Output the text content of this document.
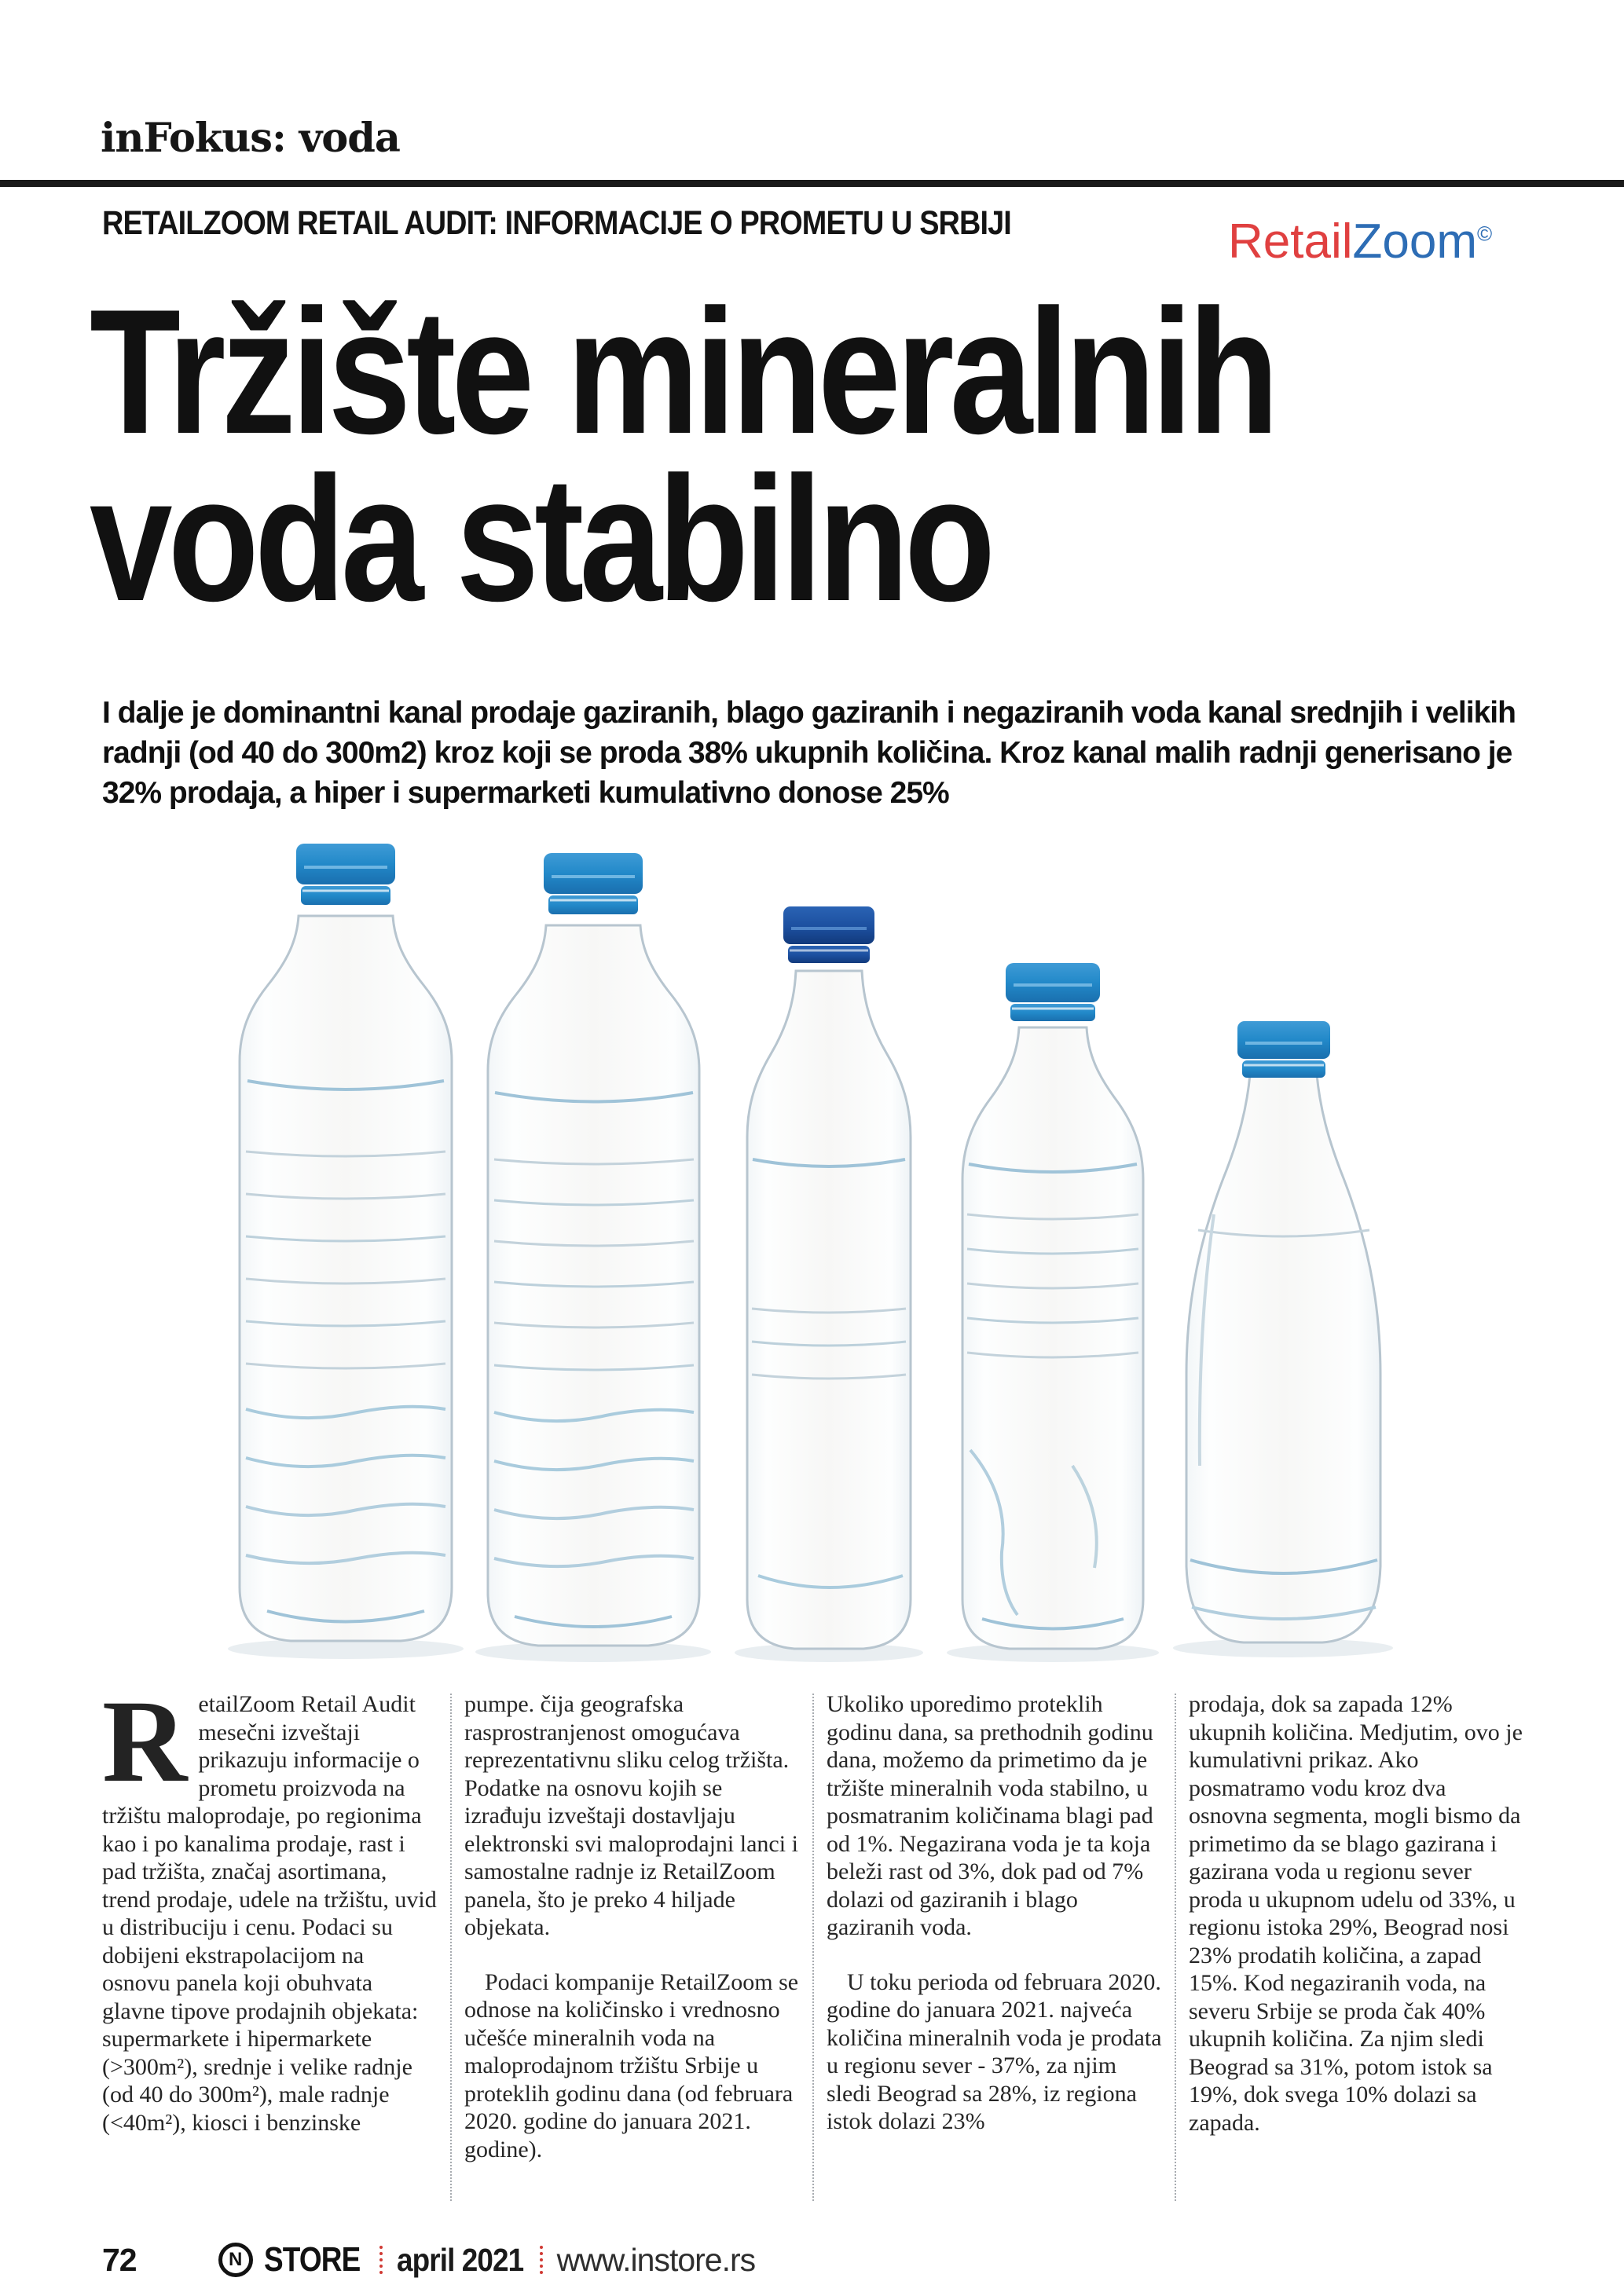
inFokus: voda
RETAILZOOM RETAIL AUDIT: INFORMACIJE O PROMETU U SRBIJI	RetailZoom©
Tržište mineralnih
voda stabilno
I dalje je dominantni kanal prodaje gaziranih, blago gaziranih i negaziranih voda kanal srednjih i velikih radnji (od 40 do 300m2) kroz koji se proda 38% ukupnih količina. Kroz kanal malih radnji generisano je 32% prodaja, a hiper i supermarketi kumulativno donose 25%

RetailZoom Retail Audit mesečni izveštaji prikazuju informacije o prometu proizvoda na tržištu maloprodaje, po regionima kao i po kanalima prodaje, rast i pad tržišta, značaj asortimana, trend prodaje, udele na tržištu, uvid u distribuciju i cenu. Podaci su dobijeni ekstrapolacijom na osnovu panela koji obuhvata glavne tipove prodajnih objekata: supermarkete i hipermarkete (>300m²), srednje i velike radnje (od 40 do 300m²), male radnje (<40m²), kiosci i benzinske

pumpe. čija geografska rasprostranjenost omogućava reprezentativnu sliku celog tržišta. Podatke na osnovu kojih se izrađuju izveštaji dostavljaju elektronski svi maloprodajni lanci i samostalne radnje iz RetailZoom panela, što je preko 4 hiljade objekata.

Podaci kompanije RetailZoom se odnose na količinsko i vrednosno učešće mineralnih voda na maloprodajnom tržištu Srbije u proteklih godinu dana (od februara 2020. godine do januara 2021. godine).

Ukoliko uporedimo proteklih godinu dana, sa prethodnih godinu dana, možemo da primetimo da je tržište mineralnih voda stabilno, u posmatranim količinama blagi pad od 1%. Negazirana voda je ta koja beleži rast od 3%, dok pad od 7% dolazi od gaziranih i blago gaziranih voda.

U toku perioda od februara 2020. godine do januara 2021. najveća količina mineralnih voda je prodata u regionu sever - 37%, za njim sledi Beograd sa 28%, iz regiona istok dolazi 23%

prodaja, dok sa zapada 12% ukupnih količina. Medjutim, ovo je kumulativni prikaz. Ako posmatramo vodu kroz dva osnovna segmenta, mogli bismo da primetimo da se blago gazirana i gazirana voda u regionu sever proda u ukupnom udelu od 33%, u regionu istoka 29%, Beograd nosi 23% prodatih količina, a zapad 15%. Kod negaziranih voda, na severu Srbije se proda čak 40% ukupnih količina. Za njim sledi Beograd sa 31%, potom istok sa 19%, dok svega 10% dolazi sa zapada.

72	N STORE april 2021 www.instore.rs
